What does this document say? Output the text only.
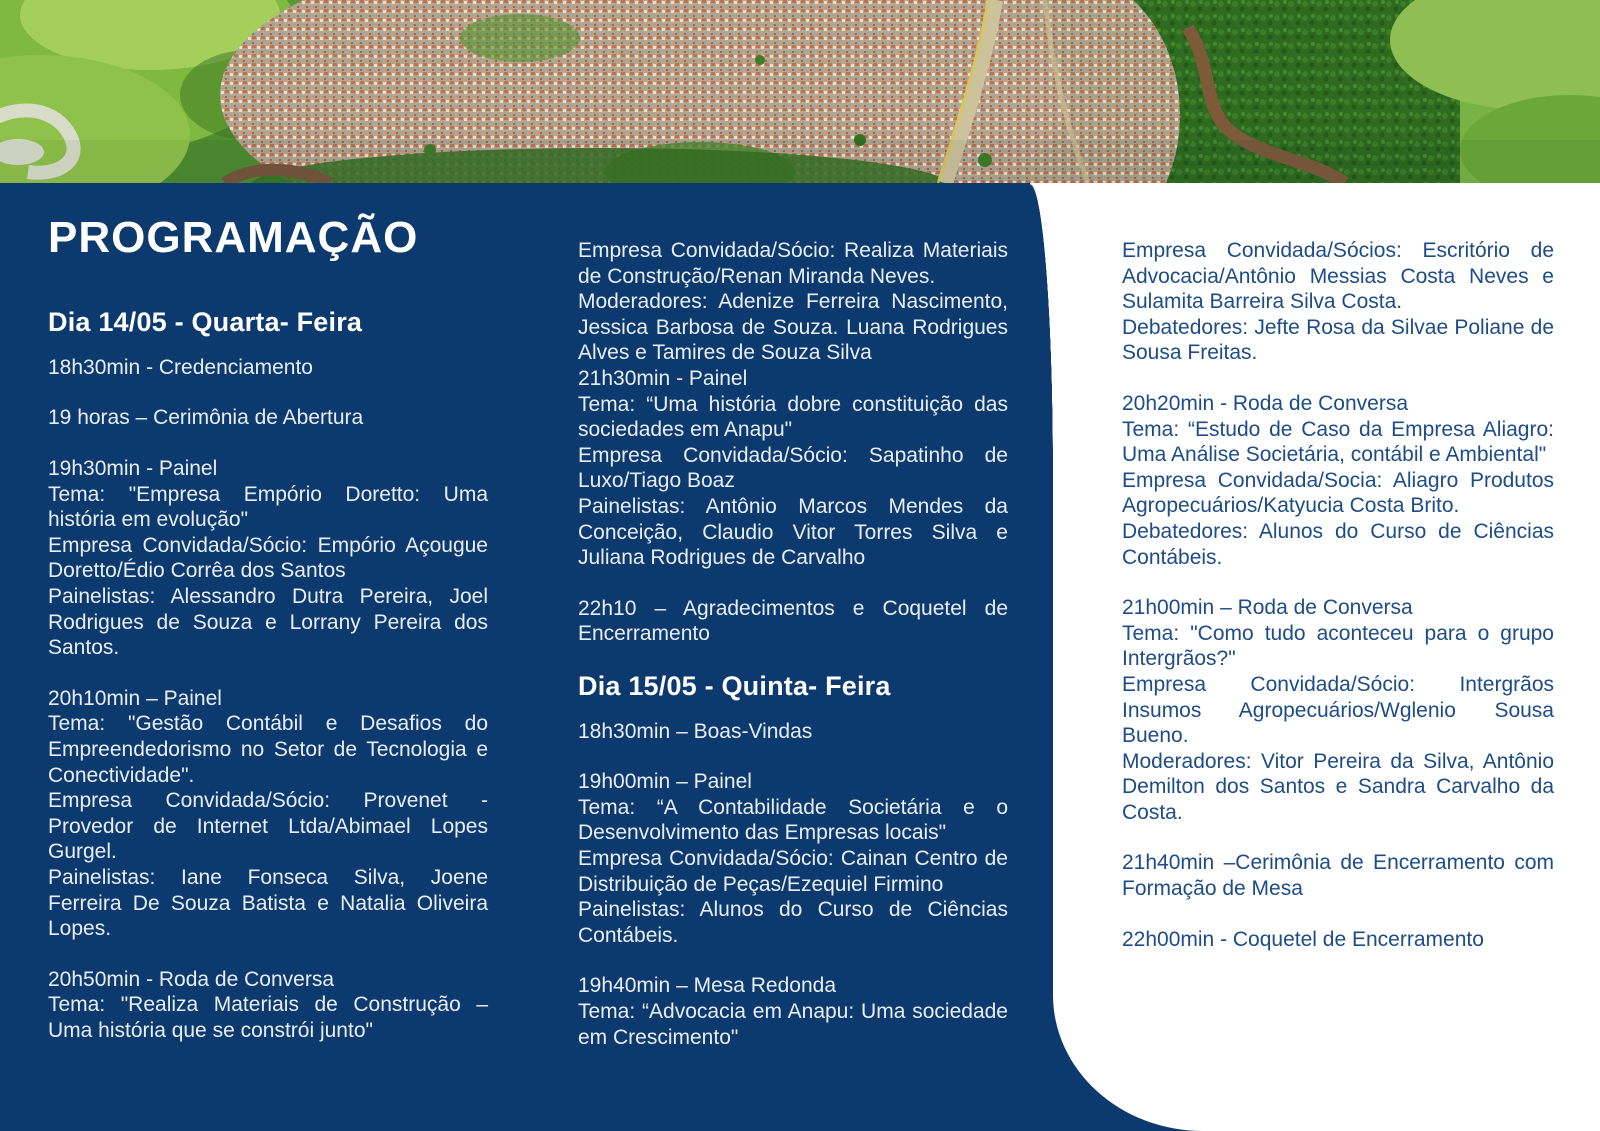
PROGRAMAÇÃO
Dia 14/05 - Quarta- Feira

18h30min - Credenciamento

19 horas – Cerimônia de Abertura

19h30min - Painel

Tema: "Empresa Empório Doretto: Uma história em evolução"

Empresa Convidada/Sócio: Empório Açougue Doretto/Édio Corrêa dos Santos

Painelistas: Alessandro Dutra Pereira, Joel Rodrigues de Souza e Lorrany Pereira dos Santos.

20h10min – Painel

Tema: "Gestão Contábil e Desafios do Empreendedorismo no Setor de Tecnologia e Conectividade".

Empresa Convidada/Sócio: Provenet - Provedor de Internet Ltda/Abimael Lopes Gurgel.

Painelistas: Iane Fonseca Silva, Joene Ferreira De Souza Batista e Natalia Oliveira Lopes.

20h50min - Roda de Conversa

Tema: "Realiza Materiais de Construção – Uma história que se constrói junto"

Empresa Convidada/Sócio: Realiza Materiais de Construção/Renan Miranda Neves.

Moderadores: Adenize Ferreira Nascimento, Jessica Barbosa de Souza. Luana Rodrigues Alves e Tamires de Souza Silva

21h30min - Painel

Tema: “Uma história dobre constituição das sociedades em Anapu"

Empresa Convidada/Sócio: Sapatinho de Luxo/Tiago Boaz

Painelistas: Antônio Marcos Mendes da Conceição, Claudio Vitor Torres Silva e Juliana Rodrigues de Carvalho

22h10 – Agradecimentos e Coquetel de Encerramento

Dia 15/05 - Quinta- Feira

18h30min – Boas-Vindas

19h00min – Painel

Tema: “A Contabilidade Societária e o Desenvolvimento das Empresas locais"

Empresa Convidada/Sócio: Cainan Centro de Distribuição de Peças/Ezequiel Firmino

Painelistas: Alunos do Curso de Ciências Contábeis.

19h40min – Mesa Redonda

Tema: “Advocacia em Anapu: Uma sociedade em Crescimento"

Empresa Convidada/Sócios: Escritório de Advocacia/Antônio Messias Costa Neves e Sulamita Barreira Silva Costa.

Debatedores: Jefte Rosa da Silvae Poliane de Sousa Freitas.

20h20min - Roda de Conversa

Tema: “Estudo de Caso da Empresa Aliagro: Uma Análise Societária, contábil e Ambiental"

Empresa Convidada/Socia: Aliagro Produtos Agropecuários/Katyucia Costa Brito.

Debatedores: Alunos do Curso de Ciências Contábeis.

21h00min – Roda de Conversa

Tema: "Como tudo aconteceu para o grupo Intergrãos?"

Empresa Convidada/Sócio: Intergrãos Insumos Agropecuários/Wglenio Sousa Bueno.

Moderadores: Vitor Pereira da Silva, Antônio Demilton dos Santos e Sandra Carvalho da Costa.

21h40min –Cerimônia de Encerramento com Formação de Mesa

22h00min - Coquetel de Encerramento
